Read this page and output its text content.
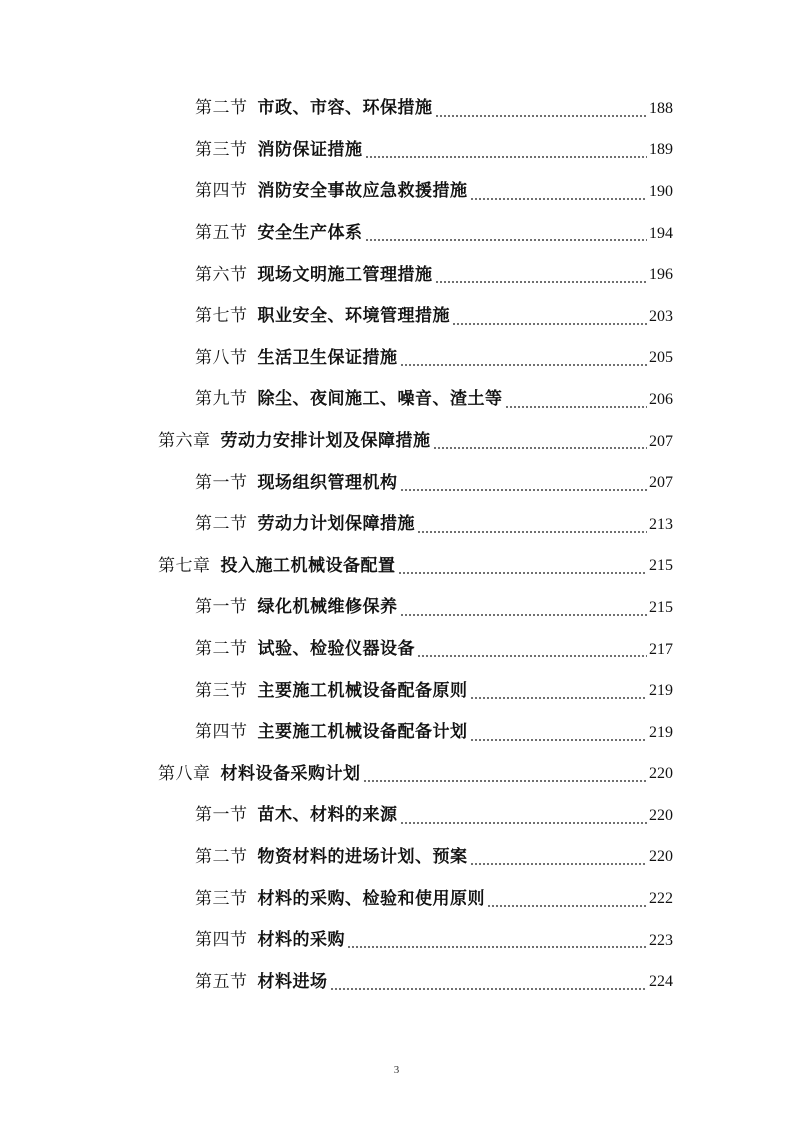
第二节 市政、市容、环保措施	188
第三节 消防保证措施	189
第四节 消防安全事故应急救援措施	190
第五节 安全生产体系	194
第六节 现场文明施工管理措施	196
第七节 职业安全、环境管理措施	203
第八节 生活卫生保证措施	205
第九节 除尘、夜间施工、噪音、渣土等	206
第六章 劳动力安排计划及保障措施	207
第一节 现场组织管理机构	207
第二节 劳动力计划保障措施	213
第七章 投入施工机械设备配置	215
第一节 绿化机械维修保养	215
第二节 试验、检验仪器设备	217
第三节 主要施工机械设备配备原则	219
第四节 主要施工机械设备配备计划	219
第八章 材料设备采购计划	220
第一节 苗木、材料的来源	220
第二节 物资材料的进场计划、预案	220
第三节 材料的采购、检验和使用原则	222
第四节 材料的采购	223
第五节 材料进场	224
3
